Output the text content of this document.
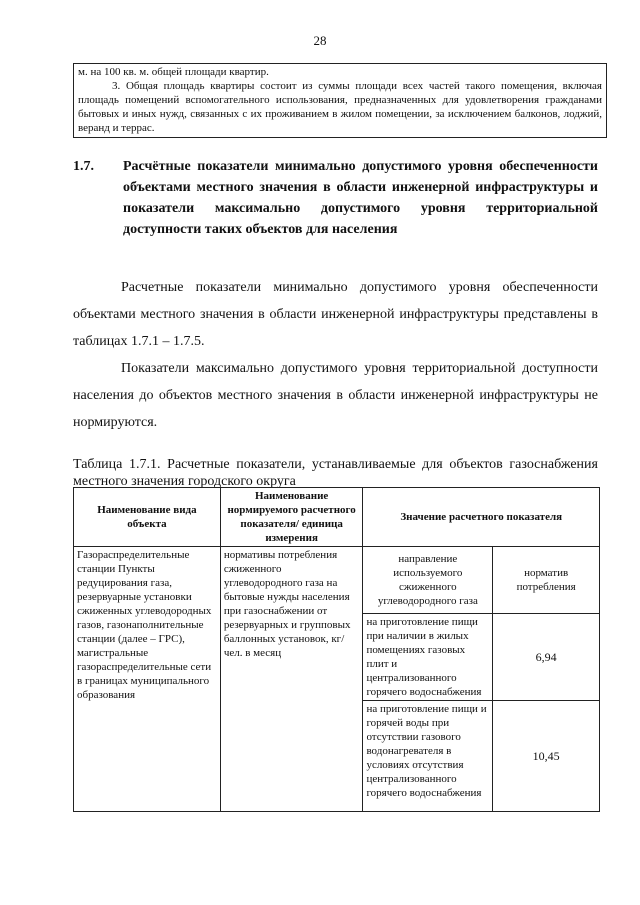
28
м. на 100 кв. м. общей площади квартир.
3. Общая площадь квартиры состоит из суммы площади всех частей такого помещения, включая площадь помещений вспомогательного использования, предназначенных для удовлетворения гражданами бытовых и иных нужд, связанных с их проживанием в жилом помещении, за исключением балконов, лоджий, веранд и террас.
1.7. Расчётные показатели минимально допустимого уровня обеспеченности объектами местного значения в области инженерной инфраструктуры и показатели максимально допустимого уровня территориальной доступности таких объектов для населения
Расчетные показатели минимально допустимого уровня обеспеченности объектами местного значения в области инженерной инфраструктуры представлены в таблицах 1.7.1 – 1.7.5.
Показатели максимально допустимого уровня территориальной доступности населения до объектов местного значения в области инженерной инфраструктуры не нормируются.
Таблица 1.7.1. Расчетные показатели, устанавливаемые для объектов газоснабжения местного значения городского округа
Наименование вида объекта	Наименование нормируемого расчетного показателя/ единица измерения	Значение расчетного показателя	
Газораспределительные станции Пункты редуцирования газа, резервуарные установки сжиженных углеводородных газов, газонаполнительные станции (далее – ГРС), магистральные газораспределительные сети в границах муниципального образования	нормативы потребления сжиженного углеводородного газа на бытовые нужды населения при газоснабжении от резервуарных и групповых баллонных установок, кг/ чел. в месяц	направление используемого сжиженного углеводородного газа	норматив потребления
		на приготовление пищи при наличии в жилых помещениях газовых плит и централизованного горячего водоснабжения	6,94
		на приготовление пищи и горячей воды при отсутствии газового водонагревателя в условиях отсутствия централизованного горячего водоснабжения	10,45
